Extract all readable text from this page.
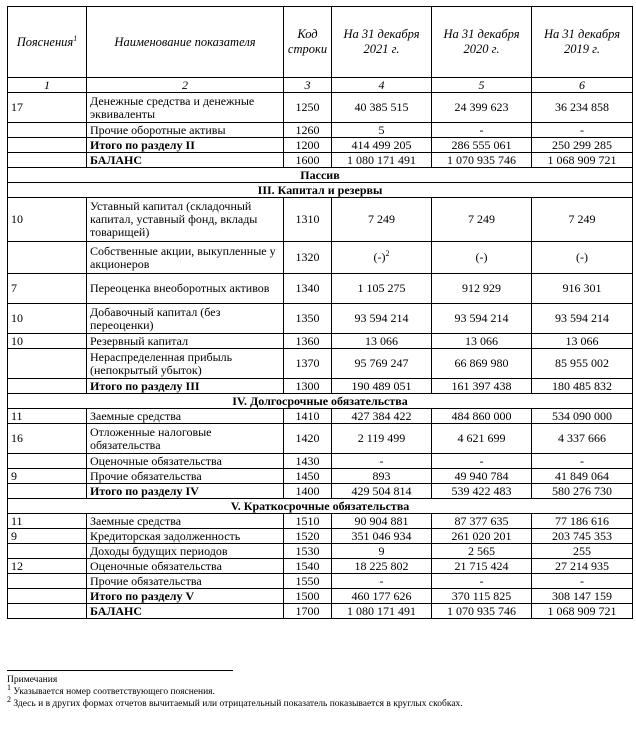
Пояснения$^1$	Наименование показателя	Код строки	На 31 декабря 2021 г.	На 31 декабря 2020 г.	На 31 декабря 2019 г.
1	2	3	4	5	6
17	Денежные средства и денежные эквиваленты	1250	40 385 515	24 399 623	36 234 858
	Прочие оборотные активы	1260	5	-	-
	Итого по разделу II	1200	414 499 205	286 555 061	250 299 285
	БАЛАНС	1600	1 080 171 491	1 070 935 746	1 068 909 721
Пассив					
III. Капитал и резервы					
10	Уставный капитал (складочный капитал, уставный фонд, вклады товарищей)	1310	7 249	7 249	7 249
	Собственные акции, выкупленные у акционеров	1320	$(-)^2$	(-)	(-)
7	Переоценка внеоборотных активов	1340	1 105 275	912 929	916 301
10	Добавочный капитал (без переоценки)	1350	93 594 214	93 594 214	93 594 214
10	Резервный капитал	1360	13 066	13 066	13 066
	Нераспределенная прибыль (непокрытый убыток)	1370	95 769 247	66 869 980	85 955 002
	Итого по разделу III	1300	190 489 051	161 397 438	180 485 832
IV. Долгосрочные обязательства					
11	Заемные средства	1410	427 384 422	484 860 000	534 090 000
16	Отложенные налоговые обязательства	1420	2 119 499	4 621 699	4 337 666
	Оценочные обязательства	1430	-	-	-
9	Прочие обязательства	1450	893	49 940 784	41 849 064
	Итого по разделу IV	1400	429 504 814	539 422 483	580 276 730
V. Краткосрочные обязательства					
11	Заемные средства	1510	90 904 881	87 377 635	77 186 616
9	Кредиторская задолженность	1520	351 046 934	261 020 201	203 745 353
	Доходы будущих периодов	1530	9	2 565	255
12	Оценочные обязательства	1540	18 225 802	21 715 424	27 214 935
	Прочие обязательства	1550	-	-	-
	Итого по разделу V	1500	460 177 626	370 115 825	308 147 159
	БАЛАНС	1700	1 080 171 491	1 070 935 746	1 068 909 721
Примечания
$^1$ Указывается номер соответствующего пояснения.
$^2$ Здесь и в других формах отчетов вычитаемый или отрицательный показатель показывается в круглых скобках.
